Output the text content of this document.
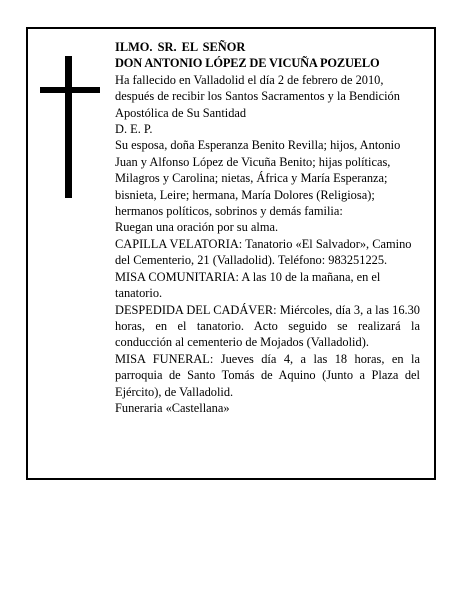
ILMO. SR. EL SEÑOR

DON ANTONIO LÓPEZ DE VICUÑA POZUELO

Ha fallecido en Valladolid el día 2 de febrero de 2010, después de recibir los Santos Sacramentos y la Bendición Apostólica de Su Santidad

D. E. P.

Su esposa, doña Esperanza Benito Revilla; hijos, Antonio Juan y Alfonso López de Vicuña Benito; hijas políticas, Milagros y Carolina; nietas, África y María Esperanza; bisnieta, Leire; hermana, María Dolores (Religiosa); hermanos políticos, sobrinos y demás familia:

Ruegan una oración por su alma.

CAPILLA VELATORIA: Tanatorio «El Salvador», Camino del Cementerio, 21 (Valladolid). Teléfono: 983251225.

MISA COMUNITARIA: A las 10 de la mañana, en el tanatorio.

DESPEDIDA DEL CADÁVER: Miércoles, día 3, a las 16.30 horas, en el tanatorio. Acto seguido se realizará la conducción al cementerio de Mojados (Valladolid).

MISA FUNERAL: Jueves día 4, a las 18 horas, en la parroquia de Santo Tomás de Aquino (Junto a Plaza del Ejército), de Valladolid.

Funeraria «Castellana»
